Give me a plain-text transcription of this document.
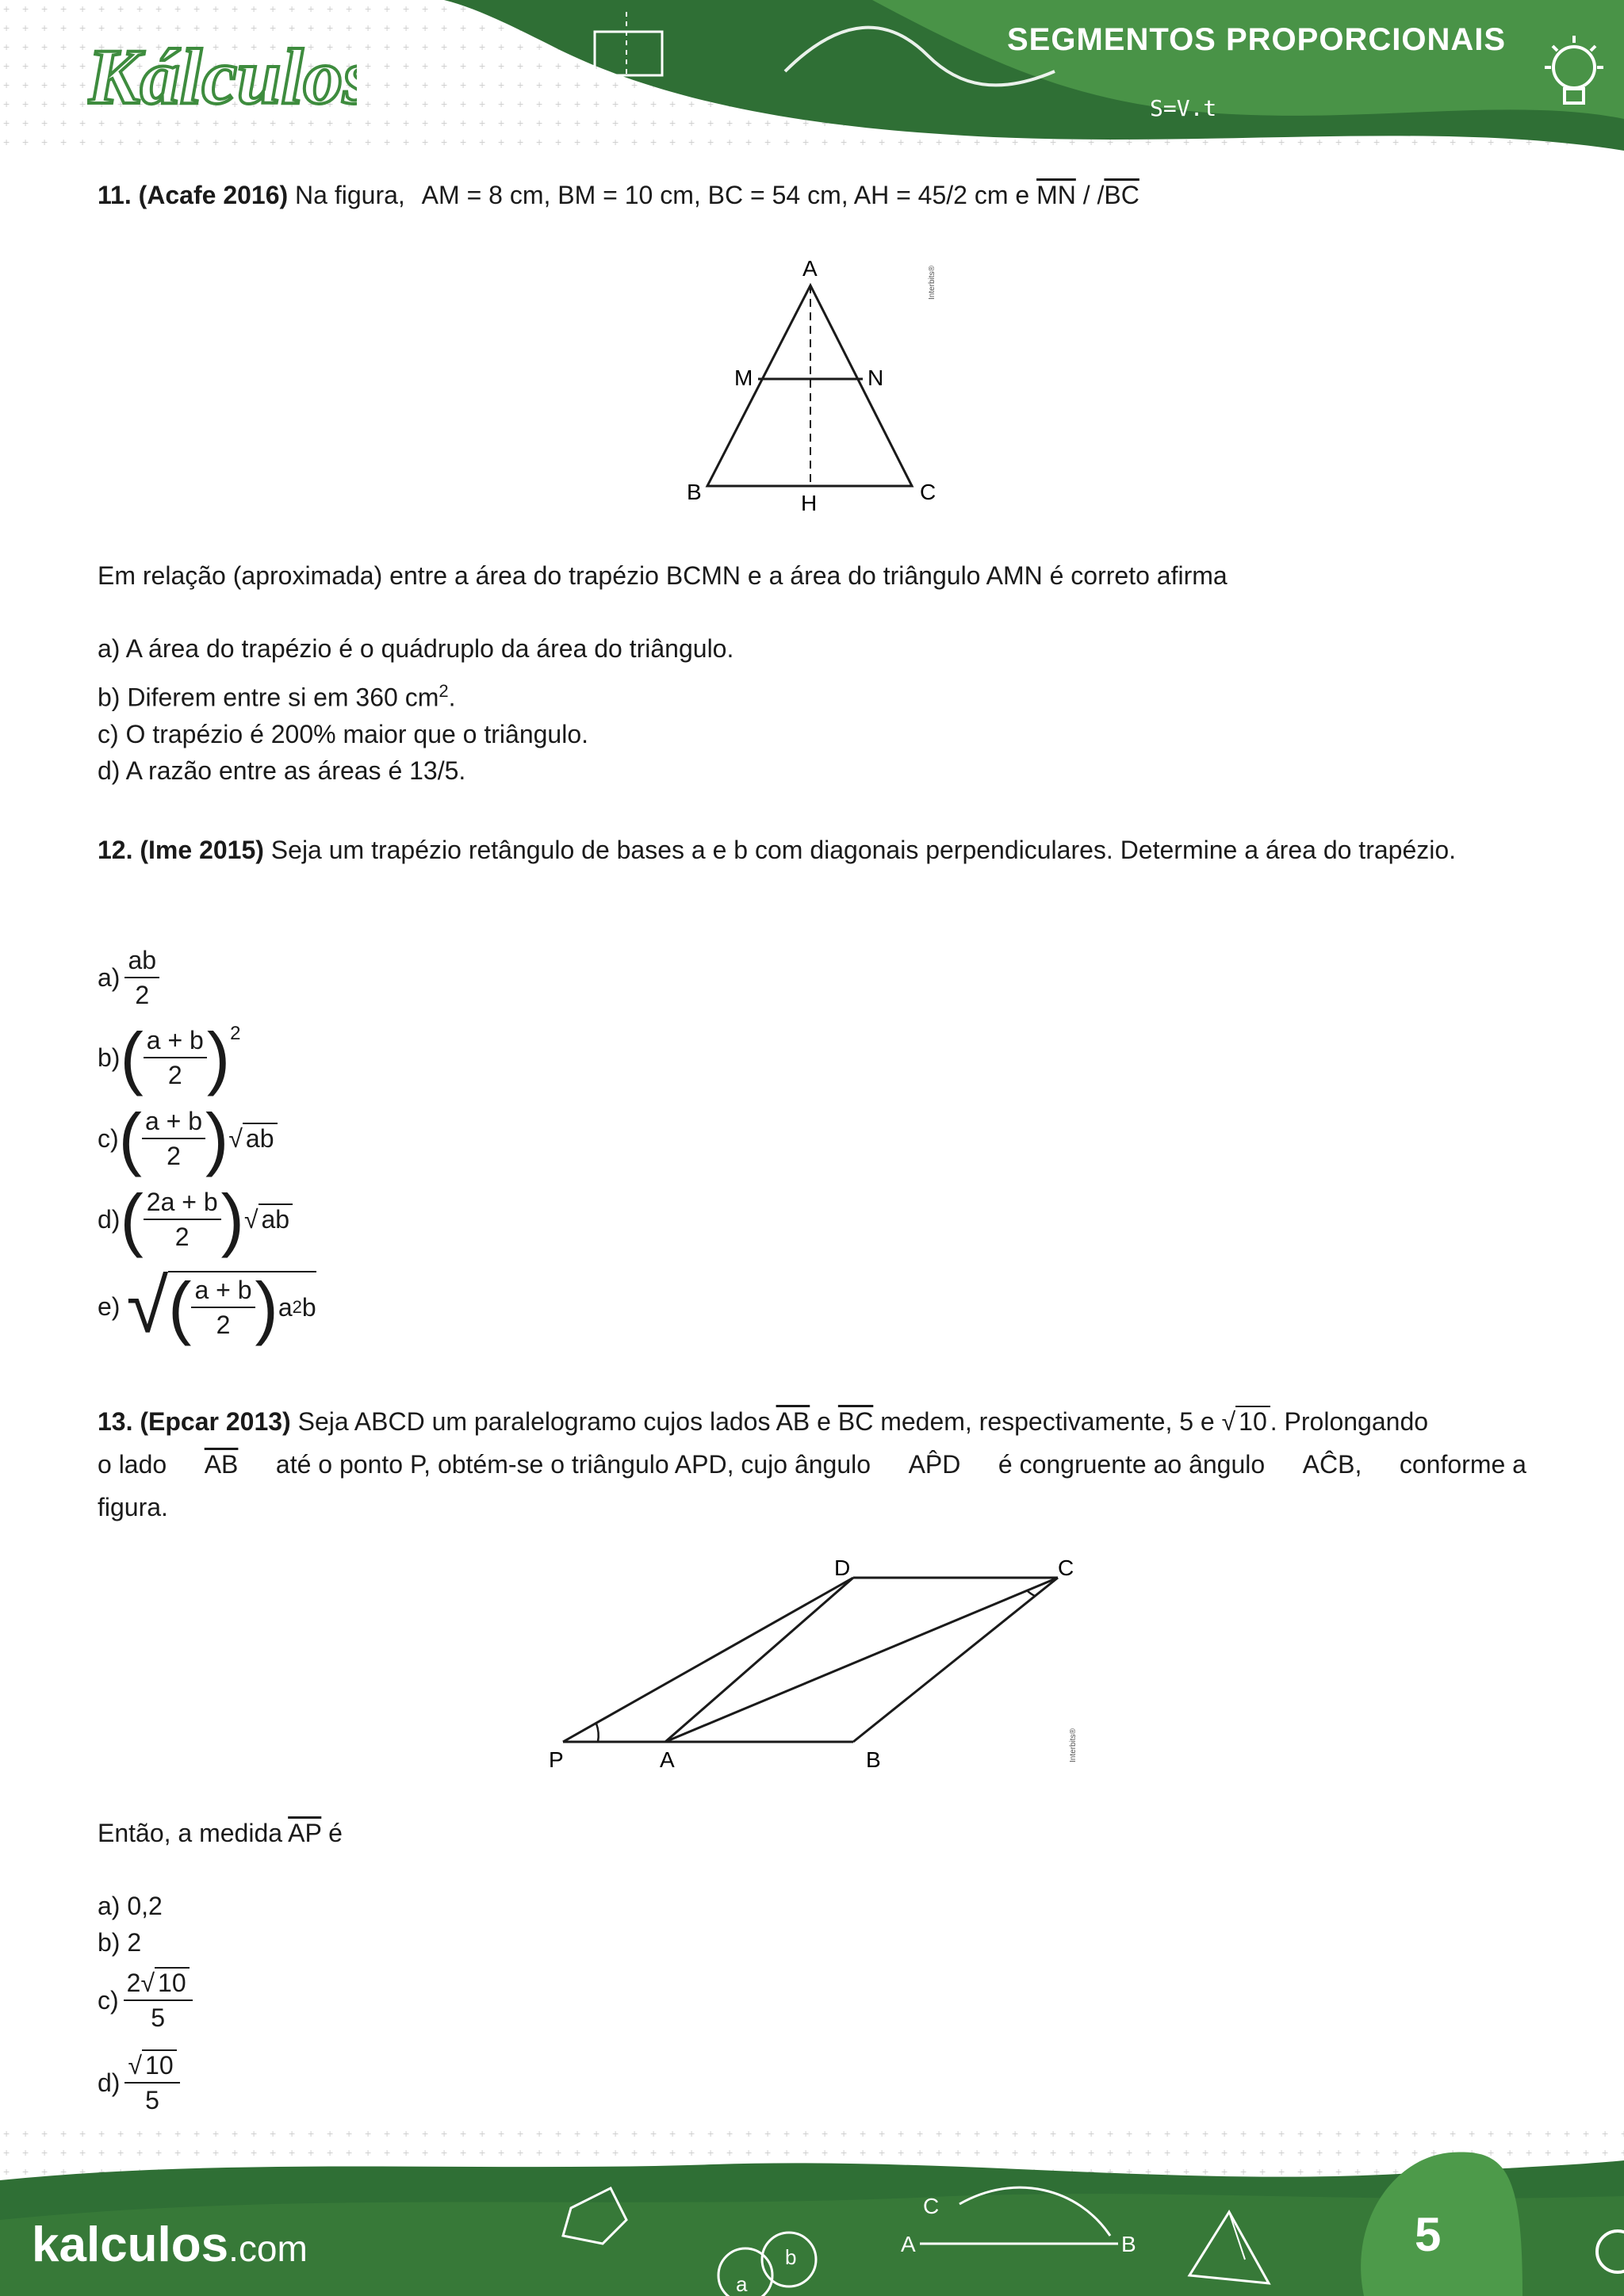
Kálculos	SEGMENTOS PROPORCIONAIS
S=V.t
11. (Acafe 2016) Na figura, AM = 8 cm, BM = 10 cm, BC = 54 cm, AH = 45/2 cm e $\overline{MN} / /\overline{BC}$
A
M	N
B	H	C
Interbits®
Em relação (aproximada) entre a área do trapézio BCMN e a área do triângulo AMN é correto afirma
a) A área do trapézio é o quádruplo da área do triângulo.
b) Diferem entre si em 360 $cm^2$.
c) O trapézio é 200% maior que o triângulo.
d) A razão entre as áreas é 13/5.
12. (Ime 2015) Seja um trapézio retângulo de bases a e b com diagonais perpendiculares. Determine a área do trapézio.
$a) \frac{ab}{2}$
b) ( $\frac{a + b}{2} )^2$
c) ( $\frac{a + b}{2}$ ) √ ab
d) ( $\frac{2a + b}{2}$ ) √ ab
e) √ ( $\frac{a + b}{2}$ ) a 2 b
13. (Epcar 2013) Seja ABCD um paralelogramo cujos lados $\overline{AB}$ e $\overline{BC}$ medem, respectivamente, 5 e √ 10 . Prolongando
o lado $\overline{AB}$ até o ponto P, obtém-se o triângulo APD, cujo ângulo AP̂D é congruente ao ângulo AĈB, conforme a
figura.
D	C
P	A	B	Interbits®
Então, a medida $\overline{AP}$ é
a) 0,2
b) 2
$c) \frac{2√ 10}{5}$
$d) \frac{√ 10}{5}$
a
b
C
A	B
kalculos.com	5
